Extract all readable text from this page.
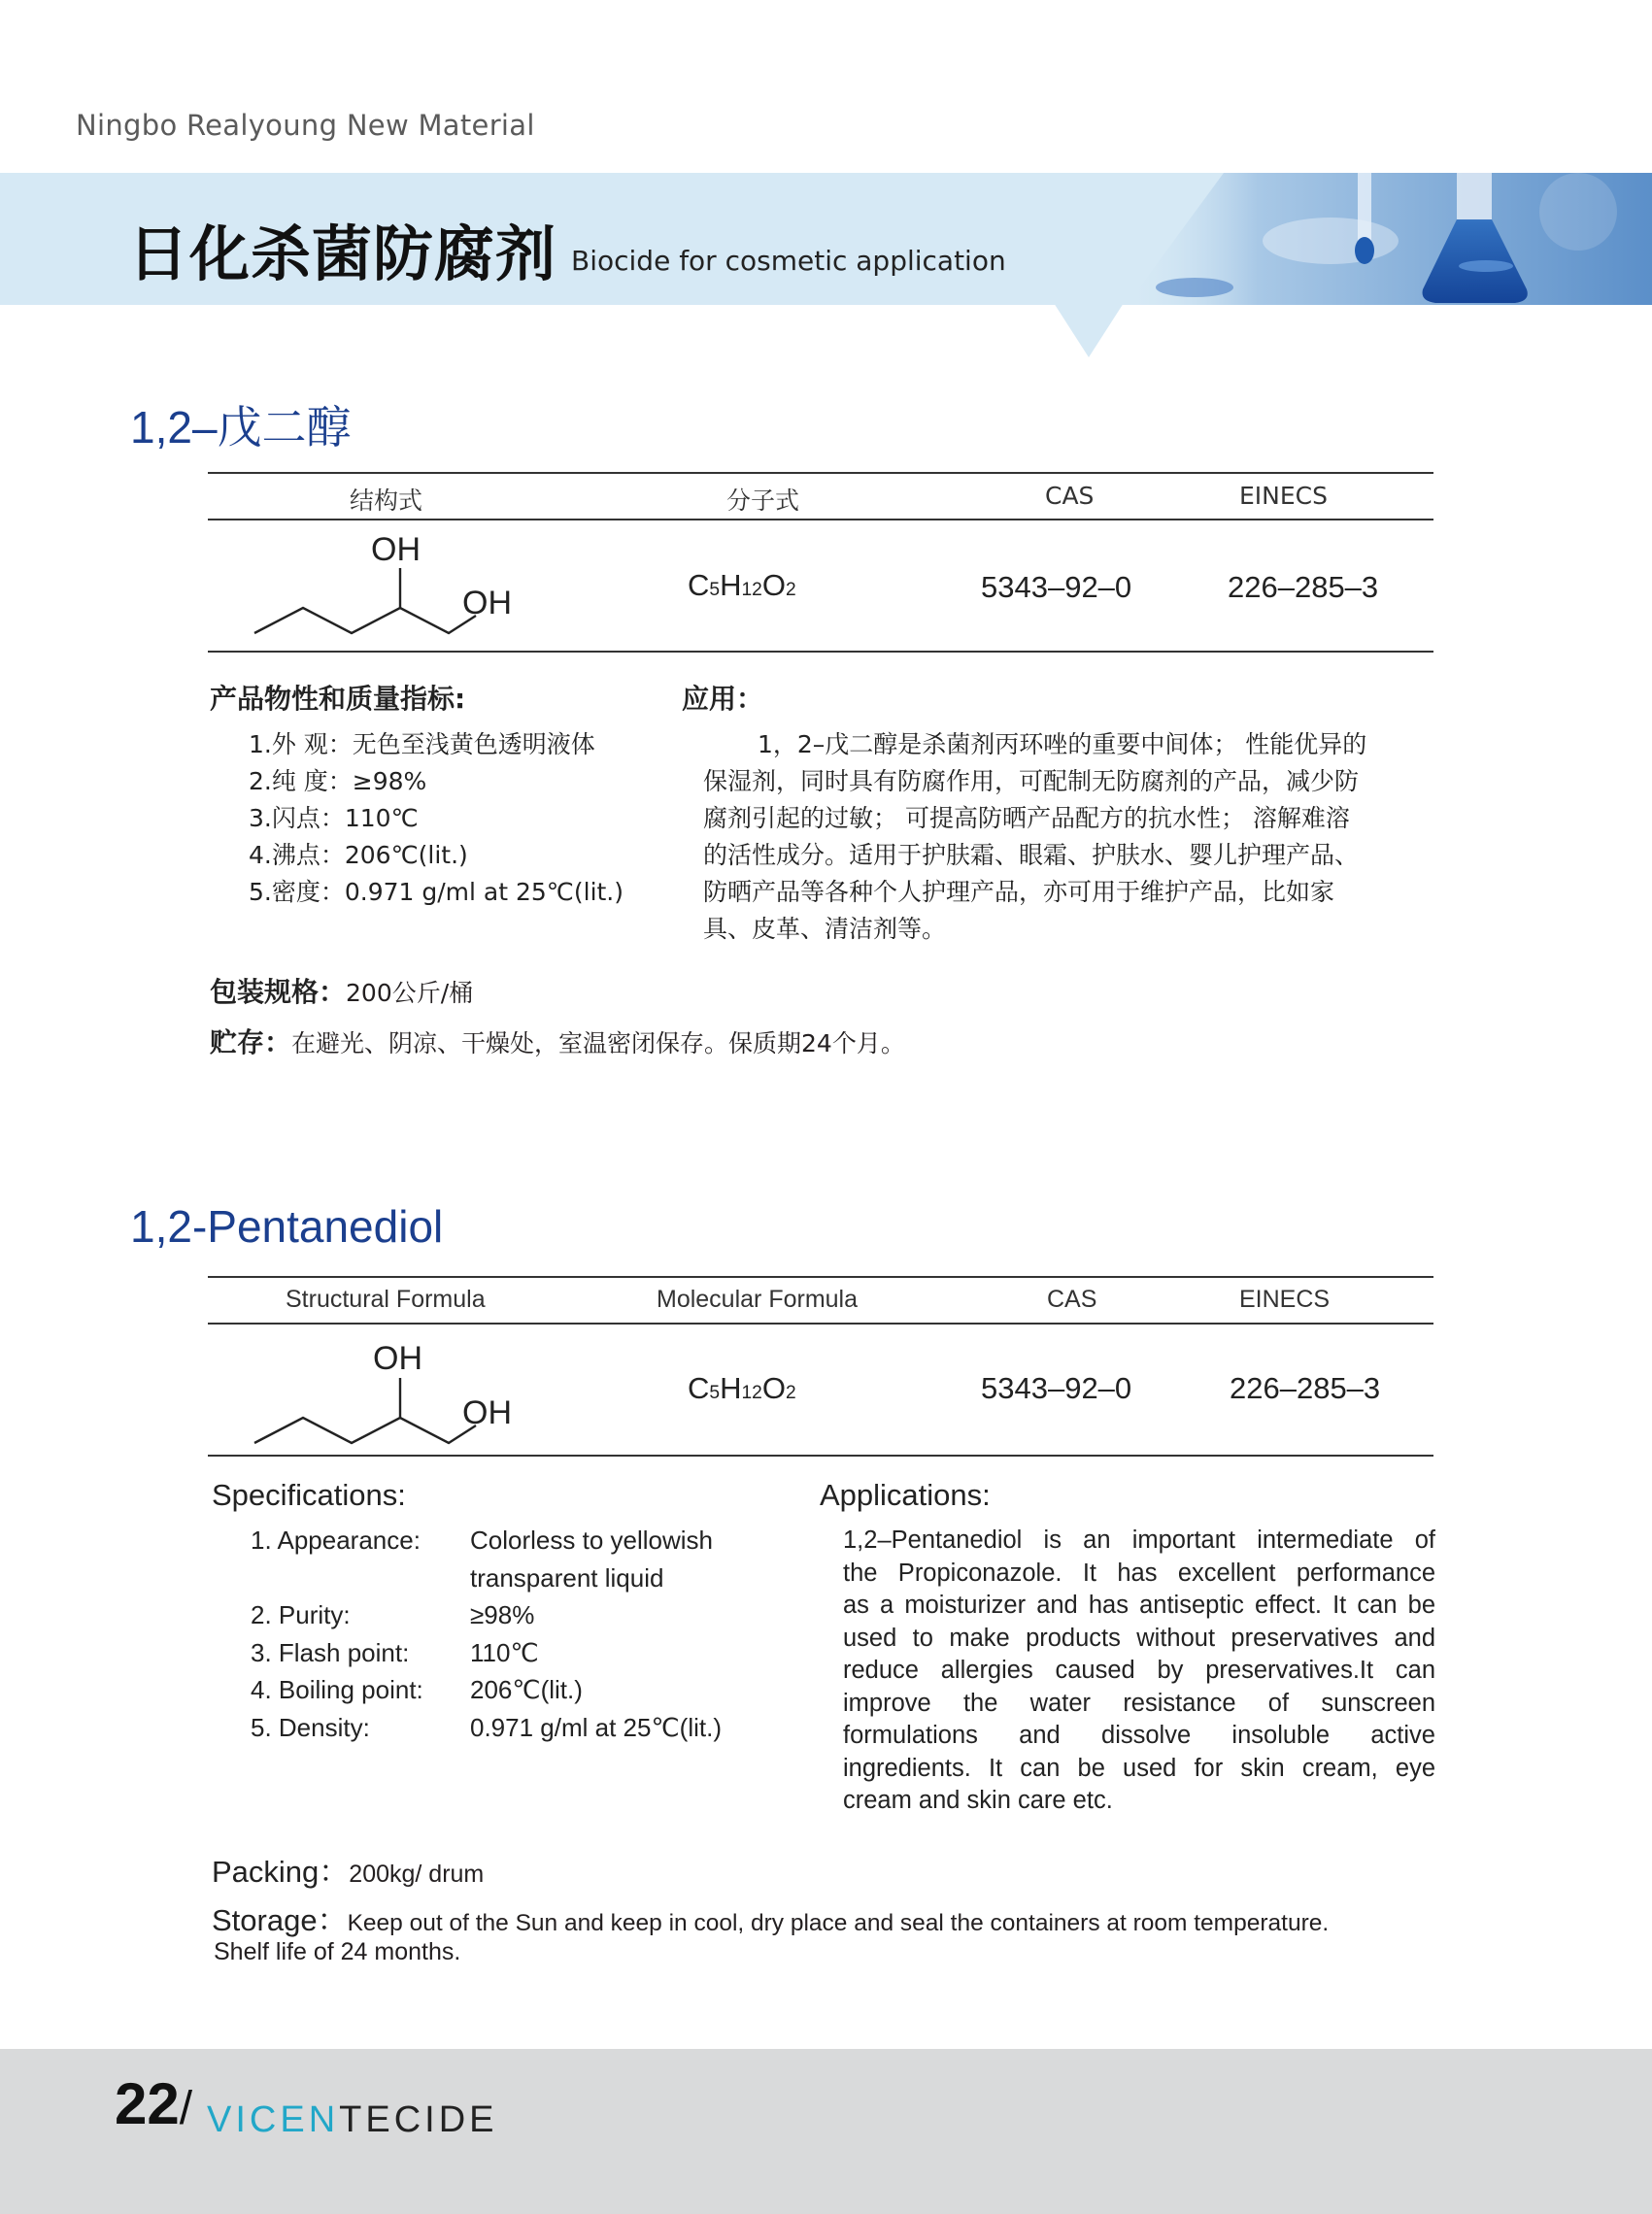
Ningbo Realyoung New Material
日化杀菌防腐剂 Biocide for cosmetic application
1,2–戊二醇
结构式	分子式	CAS	EINECS
OH
OH	C5H12O2	5343–92–0	226–285–3
产品物性和质量指标:
1.外 观：无色至浅黄色透明液体
2.纯 度：≥98%
3.闪点：110℃
4.沸点：206℃(lit.)
5.密度：0.971 g/ml at 25℃(lit.)
应用：
1，2–戊二醇是杀菌剂丙环唑的重要中间体； 性能优异的
保湿剂，同时具有防腐作用，可配制无防腐剂的产品，减少防
腐剂引起的过敏； 可提高防晒产品配方的抗水性； 溶解难溶
的活性成分。适用于护肤霜、眼霜、护肤水、婴儿护理产品、
防晒产品等各种个人护理产品，亦可用于维护产品，比如家
具、皮革、清洁剂等。
包装规格：200公斤/桶
贮存：在避光、阴凉、干燥处，室温密闭保存。保质期24个月。
1,2-Pentanediol
Structural Formula	Molecular Formula	CAS	EINECS
OH
OH
C5H12O2	5343–92–0	226–285–3
Specifications:
1. Appearance:	Colorless to yellowish
transparent liquid
2. Purity:	≥98%
3. Flash point:	110℃
4. Boiling point:	206℃(lit.)
5. Density:	0.971 g/ml at 25℃(lit.)
Applications:
1,2–Pentanediol is an important intermediate of
the Propiconazole. It has excellent performance
as a moisturizer and has antiseptic effect. It can be
used to make products without preservatives and
reduce allergies caused by preservatives.It can
improve the water resistance of sunscreen
formulations and dissolve insoluble active
ingredients. It can be used for skin cream, eye
cream and skin care etc.
Packing：200kg/ drum
Storage：Keep out of the Sun and keep in cool, dry place and seal the containers at room temperature.
Shelf life of 24 months.
22/ VICENTECIDE
